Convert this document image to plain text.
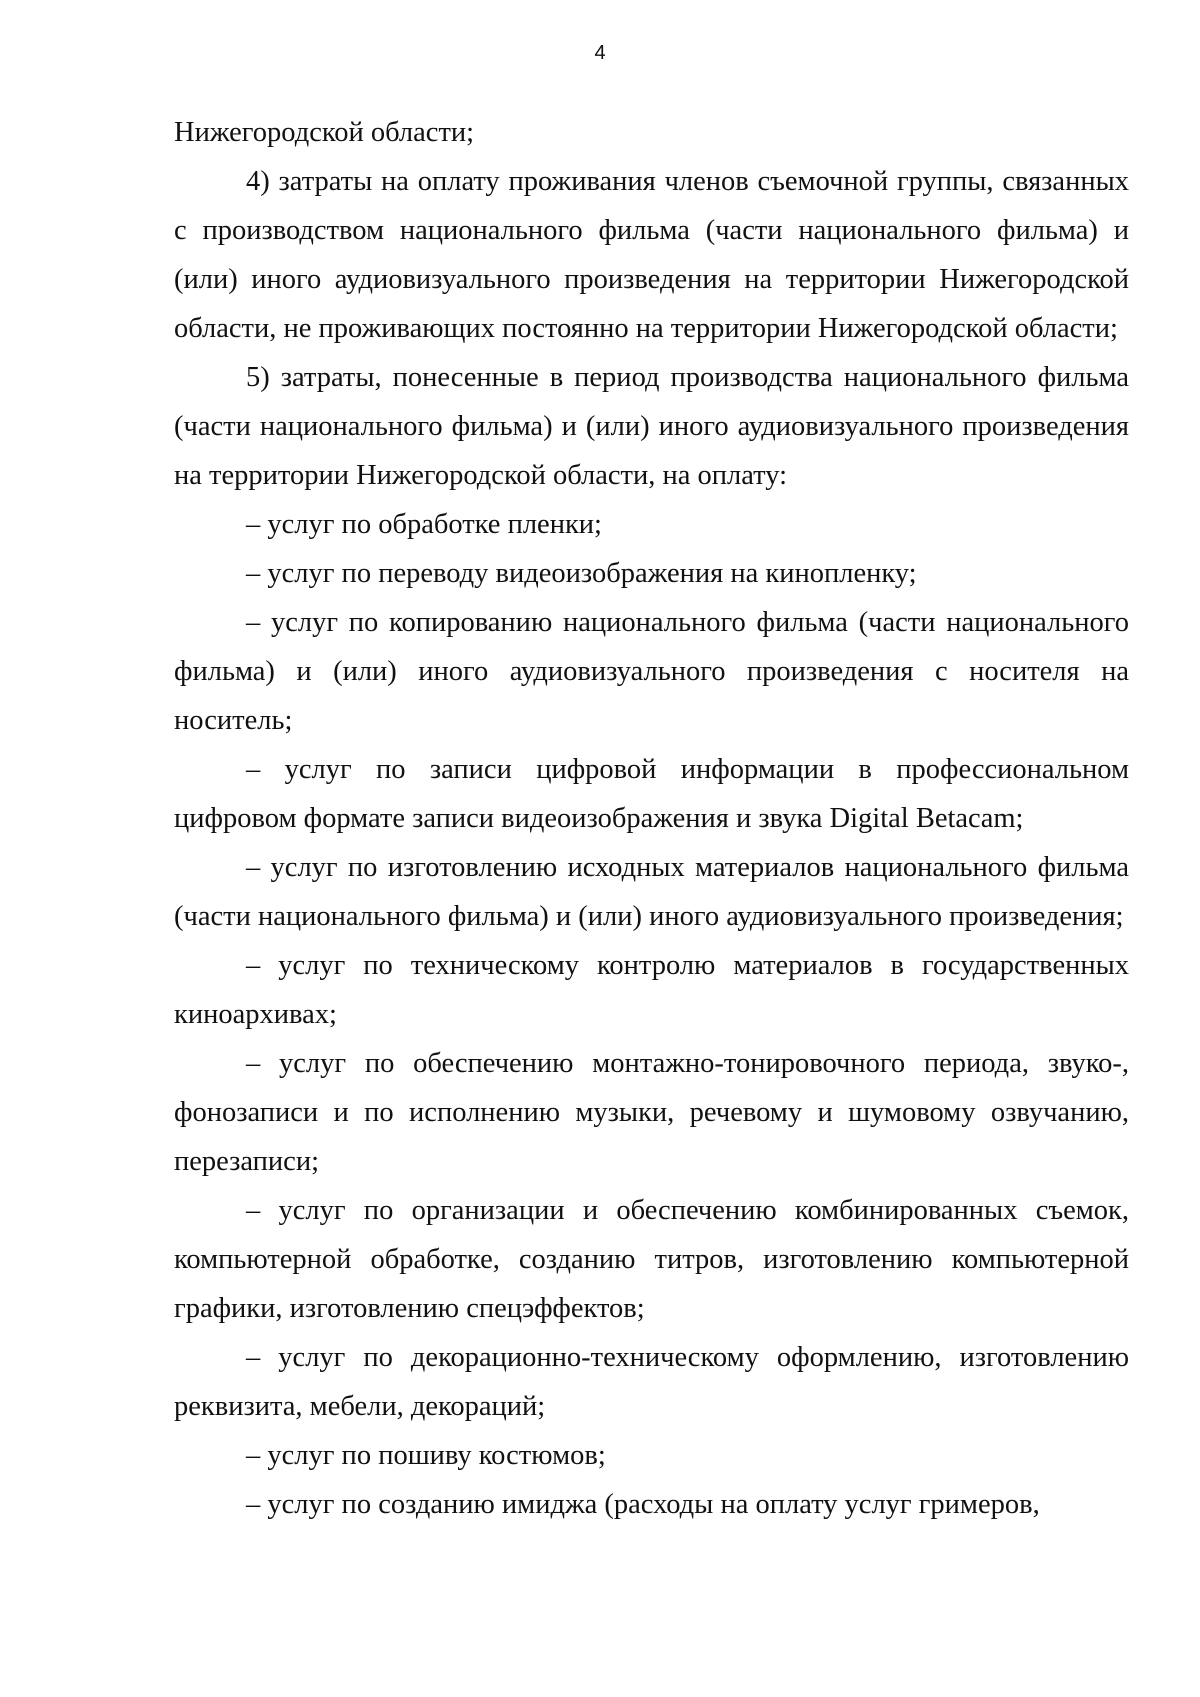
4

Нижегородской области;

4) затраты на оплату проживания членов съемочной группы, связанных с производством национального фильма (части национального фильма) и (или) иного аудиовизуального произведения на территории Нижегородской области, не проживающих постоянно на территории Нижегородской области;

5) затраты, понесенные в период производства национального фильма (части национального фильма) и (или) иного аудиовизуального произведения на территории Нижегородской области, на оплату:

– услуг по обработке пленки;

– услуг по переводу видеоизображения на кинопленку;

– услуг по копированию национального фильма (части национального фильма) и (или) иного аудиовизуального произведения с носителя на носитель;

– услуг по записи цифровой информации в профессиональном цифровом формате записи видеоизображения и звука Digital Betacam;

– услуг по изготовлению исходных материалов национального фильма (части национального фильма) и (или) иного аудиовизуального произведения;

– услуг по техническому контролю материалов в государственных киноархивах;

– услуг по обеспечению монтажно-тонировочного периода, звуко-, фонозаписи и по исполнению музыки, речевому и шумовому озвучанию, перезаписи;

– услуг по организации и обеспечению комбинированных съемок, компьютерной обработке, созданию титров, изготовлению компьютерной графики, изготовлению спецэффектов;

– услуг по декорационно-техническому оформлению, изготовлению реквизита, мебели, декораций;

– услуг по пошиву костюмов;

– услуг по созданию имиджа (расходы на оплату услуг гримеров,
